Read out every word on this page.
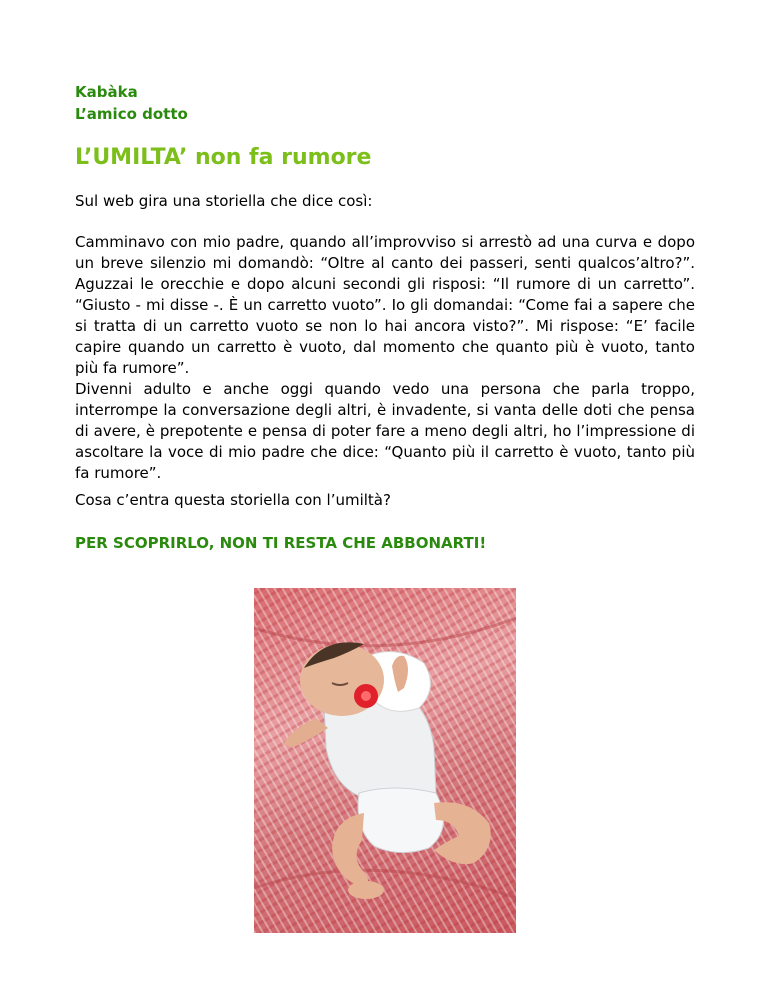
Kabàka
L’amico dotto
L’UMILTA’ non fa rumore

Sul web gira una storiella che dice così:

Camminavo con mio padre, quando all’improvviso si arrestò ad una curva e dopo un breve silenzio mi domandò: “Oltre al canto dei passeri, senti qualcos’altro?”. Aguzzai le orecchie e dopo alcuni secondi gli risposi: “Il rumore di un carretto”. “Giusto - mi disse -. È un carretto vuoto”. Io gli domandai: “Come fai a sapere che si tratta di un carretto vuoto se non lo hai ancora visto?”. Mi rispose: “E’ facile capire quando un carretto è vuoto, dal momento che quanto più è vuoto, tanto più fa rumore”.

Divenni adulto e anche oggi quando vedo una persona che parla troppo, interrompe la conversazione degli altri, è invadente, si vanta delle doti che pensa di avere, è prepotente e pensa di poter fare a meno degli altri, ho l’impressione di ascoltare la voce di mio padre che dice: “Quanto più il carretto è vuoto, tanto più fa rumore”.

Cosa c’entra questa storiella con l’umiltà?

PER SCOPRIRLO, NON TI RESTA CHE ABBONARTI!
